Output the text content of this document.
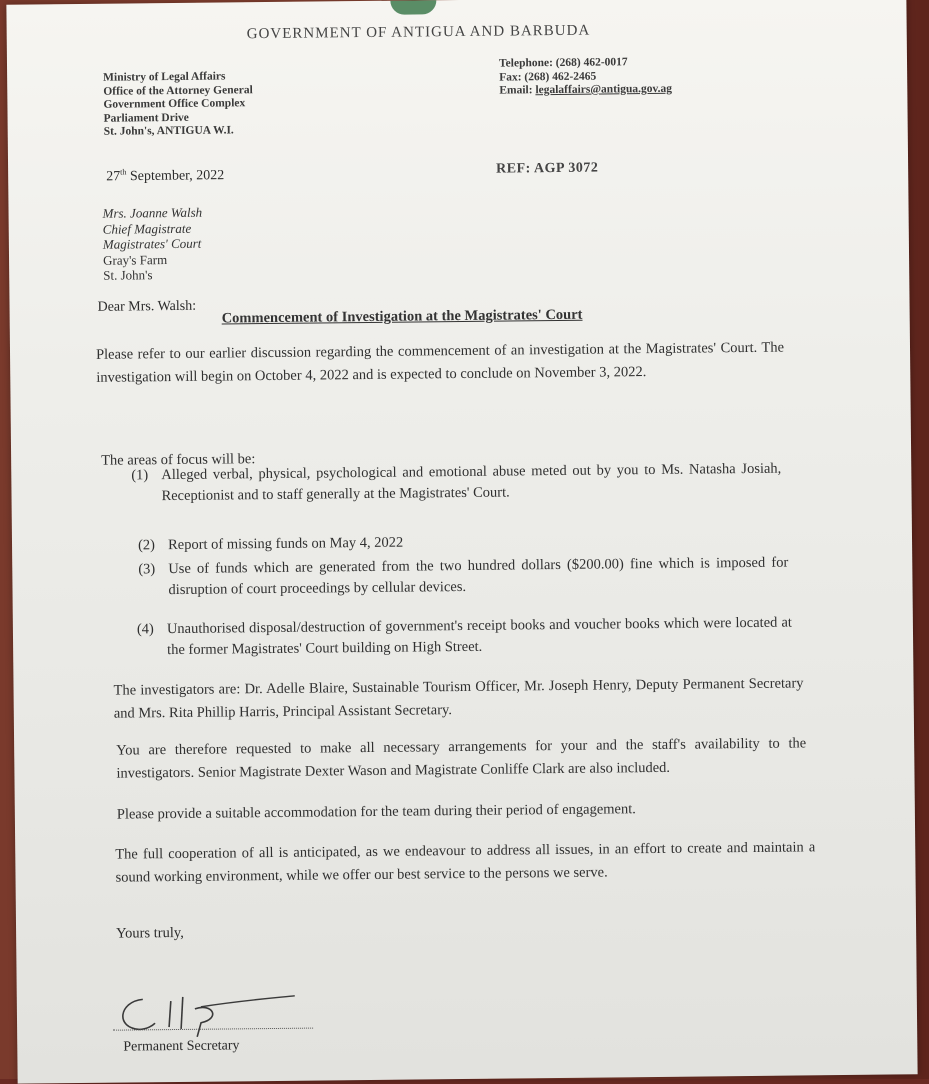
GOVERNMENT OF ANTIGUA AND BARBUDA
Ministry of Legal Affairs
Office of the Attorney General
Government Office Complex
Parliament Drive
St. John's, ANTIGUA W.I.
Telephone: (268) 462-0017
Fax: (268) 462-2465
Email: legalaffairs@antigua.gov.ag
27th September, 2022	REF: AGP 3072
Mrs. Joanne Walsh
Chief Magistrate
Magistrates' Court
Gray's Farm
St. John's
Dear Mrs. Walsh: Commencement of Investigation at the Magistrates' Court
Please refer to our earlier discussion regarding the commencement of an investigation at the Magistrates' Court. The investigation will begin on October 4, 2022 and is expected to conclude on November 3, 2022.
The areas of focus will be:
(1) Alleged verbal, physical, psychological and emotional abuse meted out by you to Ms. Natasha Josiah, Receptionist and to staff generally at the Magistrates' Court.
(2) Report of missing funds on May 4, 2022
(3) Use of funds which are generated from the two hundred dollars ($200.00) fine which is imposed for disruption of court proceedings by cellular devices.
(4) Unauthorised disposal/destruction of government's receipt books and voucher books which were located at the former Magistrates' Court building on High Street.
The investigators are: Dr. Adelle Blaire, Sustainable Tourism Officer, Mr. Joseph Henry, Deputy Permanent Secretary and Mrs. Rita Phillip Harris, Principal Assistant Secretary.
You are therefore requested to make all necessary arrangements for your and the staff's availability to the investigators. Senior Magistrate Dexter Wason and Magistrate Conliffe Clark are also included.
Please provide a suitable accommodation for the team during their period of engagement.
The full cooperation of all is anticipated, as we endeavour to address all issues, in an effort to create and maintain a sound working environment, while we offer our best service to the persons we serve.
Yours truly,
Permanent Secretary
